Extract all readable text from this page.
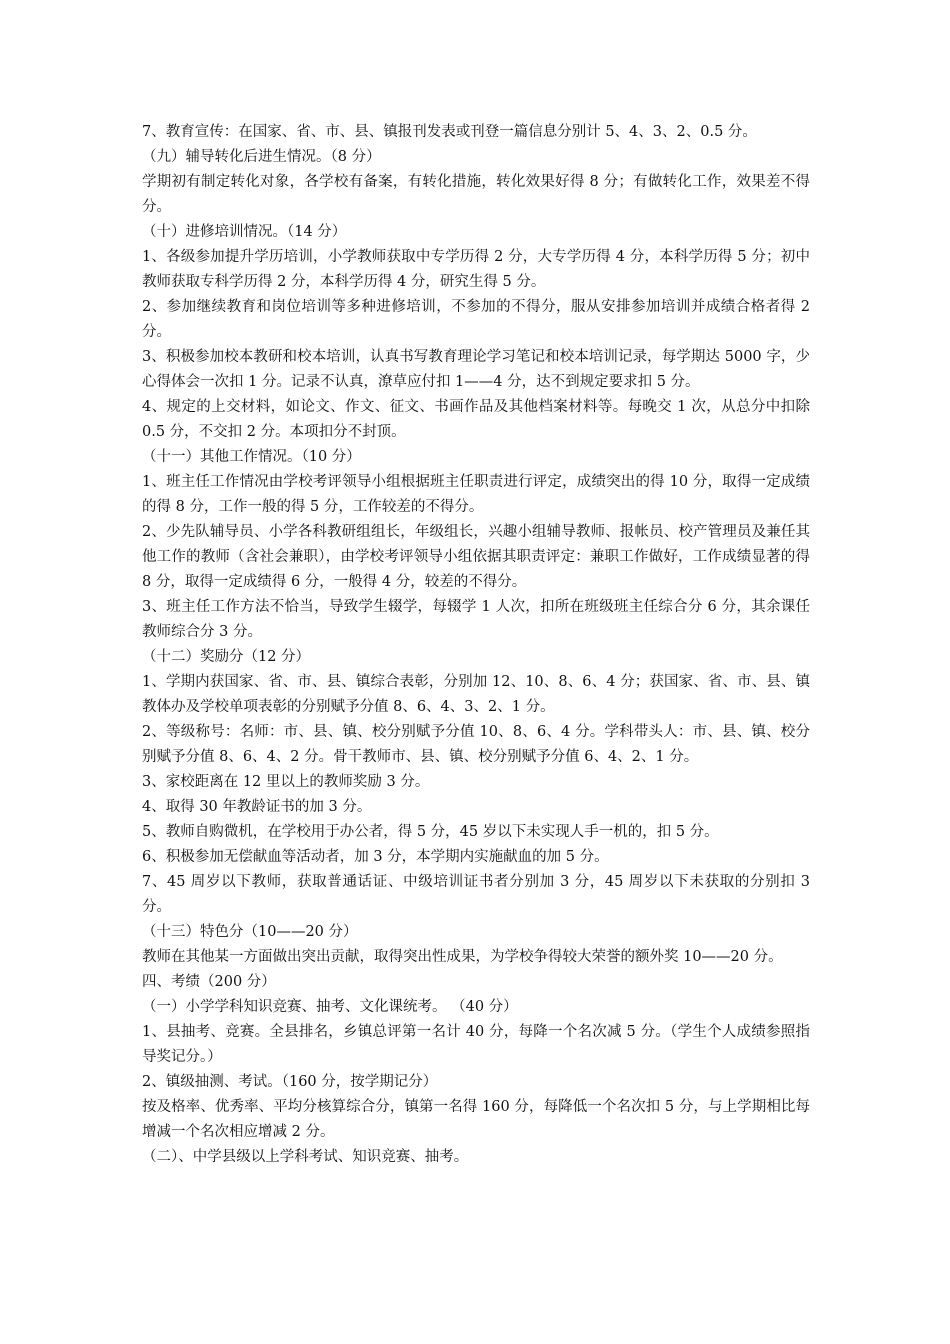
7、教育宣传：在国家、省、市、县、镇报刊发表或刊登一篇信息分别计 5、4、3、2、0.5 分。

（九）辅导转化后进生情况。（8 分）

学期初有制定转化对象，各学校有备案，有转化措施，转化效果好得 8 分；有做转化工作，效果差不得分。

（十）进修培训情况。（14 分）

1、各级参加提升学历培训，小学教师获取中专学历得 2 分，大专学历得 4 分，本科学历得 5 分；初中教师获取专科学历得 2 分，本科学历得 4 分，研究生得 5 分。

2、参加继续教育和岗位培训等多种进修培训，不参加的不得分，服从安排参加培训并成绩合格者得 2 分。

3、积极参加校本教研和校本培训，认真书写教育理论学习笔记和校本培训记录，每学期达 5000 字，少心得体会一次扣 1 分。记录不认真，潦草应付扣 1——4 分，达不到规定要求扣 5 分。

4、规定的上交材料，如论文、作文、征文、书画作品及其他档案材料等。每晚交 1 次，从总分中扣除 0.5 分，不交扣 2 分。本项扣分不封顶。

（十一）其他工作情况。（10 分）

1、班主任工作情况由学校考评领导小组根据班主任职责进行评定，成绩突出的得 10 分，取得一定成绩的得 8 分，工作一般的得 5 分，工作较差的不得分。

2、少先队辅导员、小学各科教研组组长，年级组长，兴趣小组辅导教师、报帐员、校产管理员及兼任其他工作的教师（含社会兼职），由学校考评领导小组依据其职责评定：兼职工作做好，工作成绩显著的得 8 分，取得一定成绩得 6 分，一般得 4 分，较差的不得分。

3、班主任工作方法不恰当，导致学生辍学，每辍学 1 人次，扣所在班级班主任综合分 6 分，其余课任教师综合分 3 分。

（十二）奖励分（12 分）

1、学期内获国家、省、市、县、镇综合表彰，分别加 12、10、8、6、4 分；获国家、省、市、县、镇教体办及学校单项表彰的分别赋予分值 8、6、4、3、2、1 分。

2、等级称号：名师：市、县、镇、校分别赋予分值 10、8、6、4 分。学科带头人：市、县、镇、校分别赋予分值 8、6、4、2 分。骨干教师市、县、镇、校分别赋予分值 6、4、2、1 分。

3、家校距离在 12 里以上的教师奖励 3 分。

4、取得 30 年教龄证书的加 3 分。

5、教师自购微机，在学校用于办公者，得 5 分，45 岁以下未实现人手一机的，扣 5 分。

6、积极参加无偿献血等活动者，加 3 分，本学期内实施献血的加 5 分。

7、45 周岁以下教师，获取普通话证、中级培训证书者分别加 3 分，45 周岁以下未获取的分别扣 3 分。

（十三）特色分（10——20 分）

教师在其他某一方面做出突出贡献，取得突出性成果，为学校争得较大荣誉的额外奖 10——20 分。

四、考绩（200 分）

（一）小学学科知识竞赛、抽考、文化课统考。 （40 分）

1、县抽考、竞赛。全县排名，乡镇总评第一名计 40 分，每降一个名次减 5 分。（学生个人成绩参照指导奖记分。）

2、镇级抽测、考试。（160 分，按学期记分）

按及格率、优秀率、平均分核算综合分，镇第一名得 160 分，每降低一个名次扣 5 分，与上学期相比每增减一个名次相应增减 2 分。

（二）、中学县级以上学科考试、知识竞赛、抽考。
